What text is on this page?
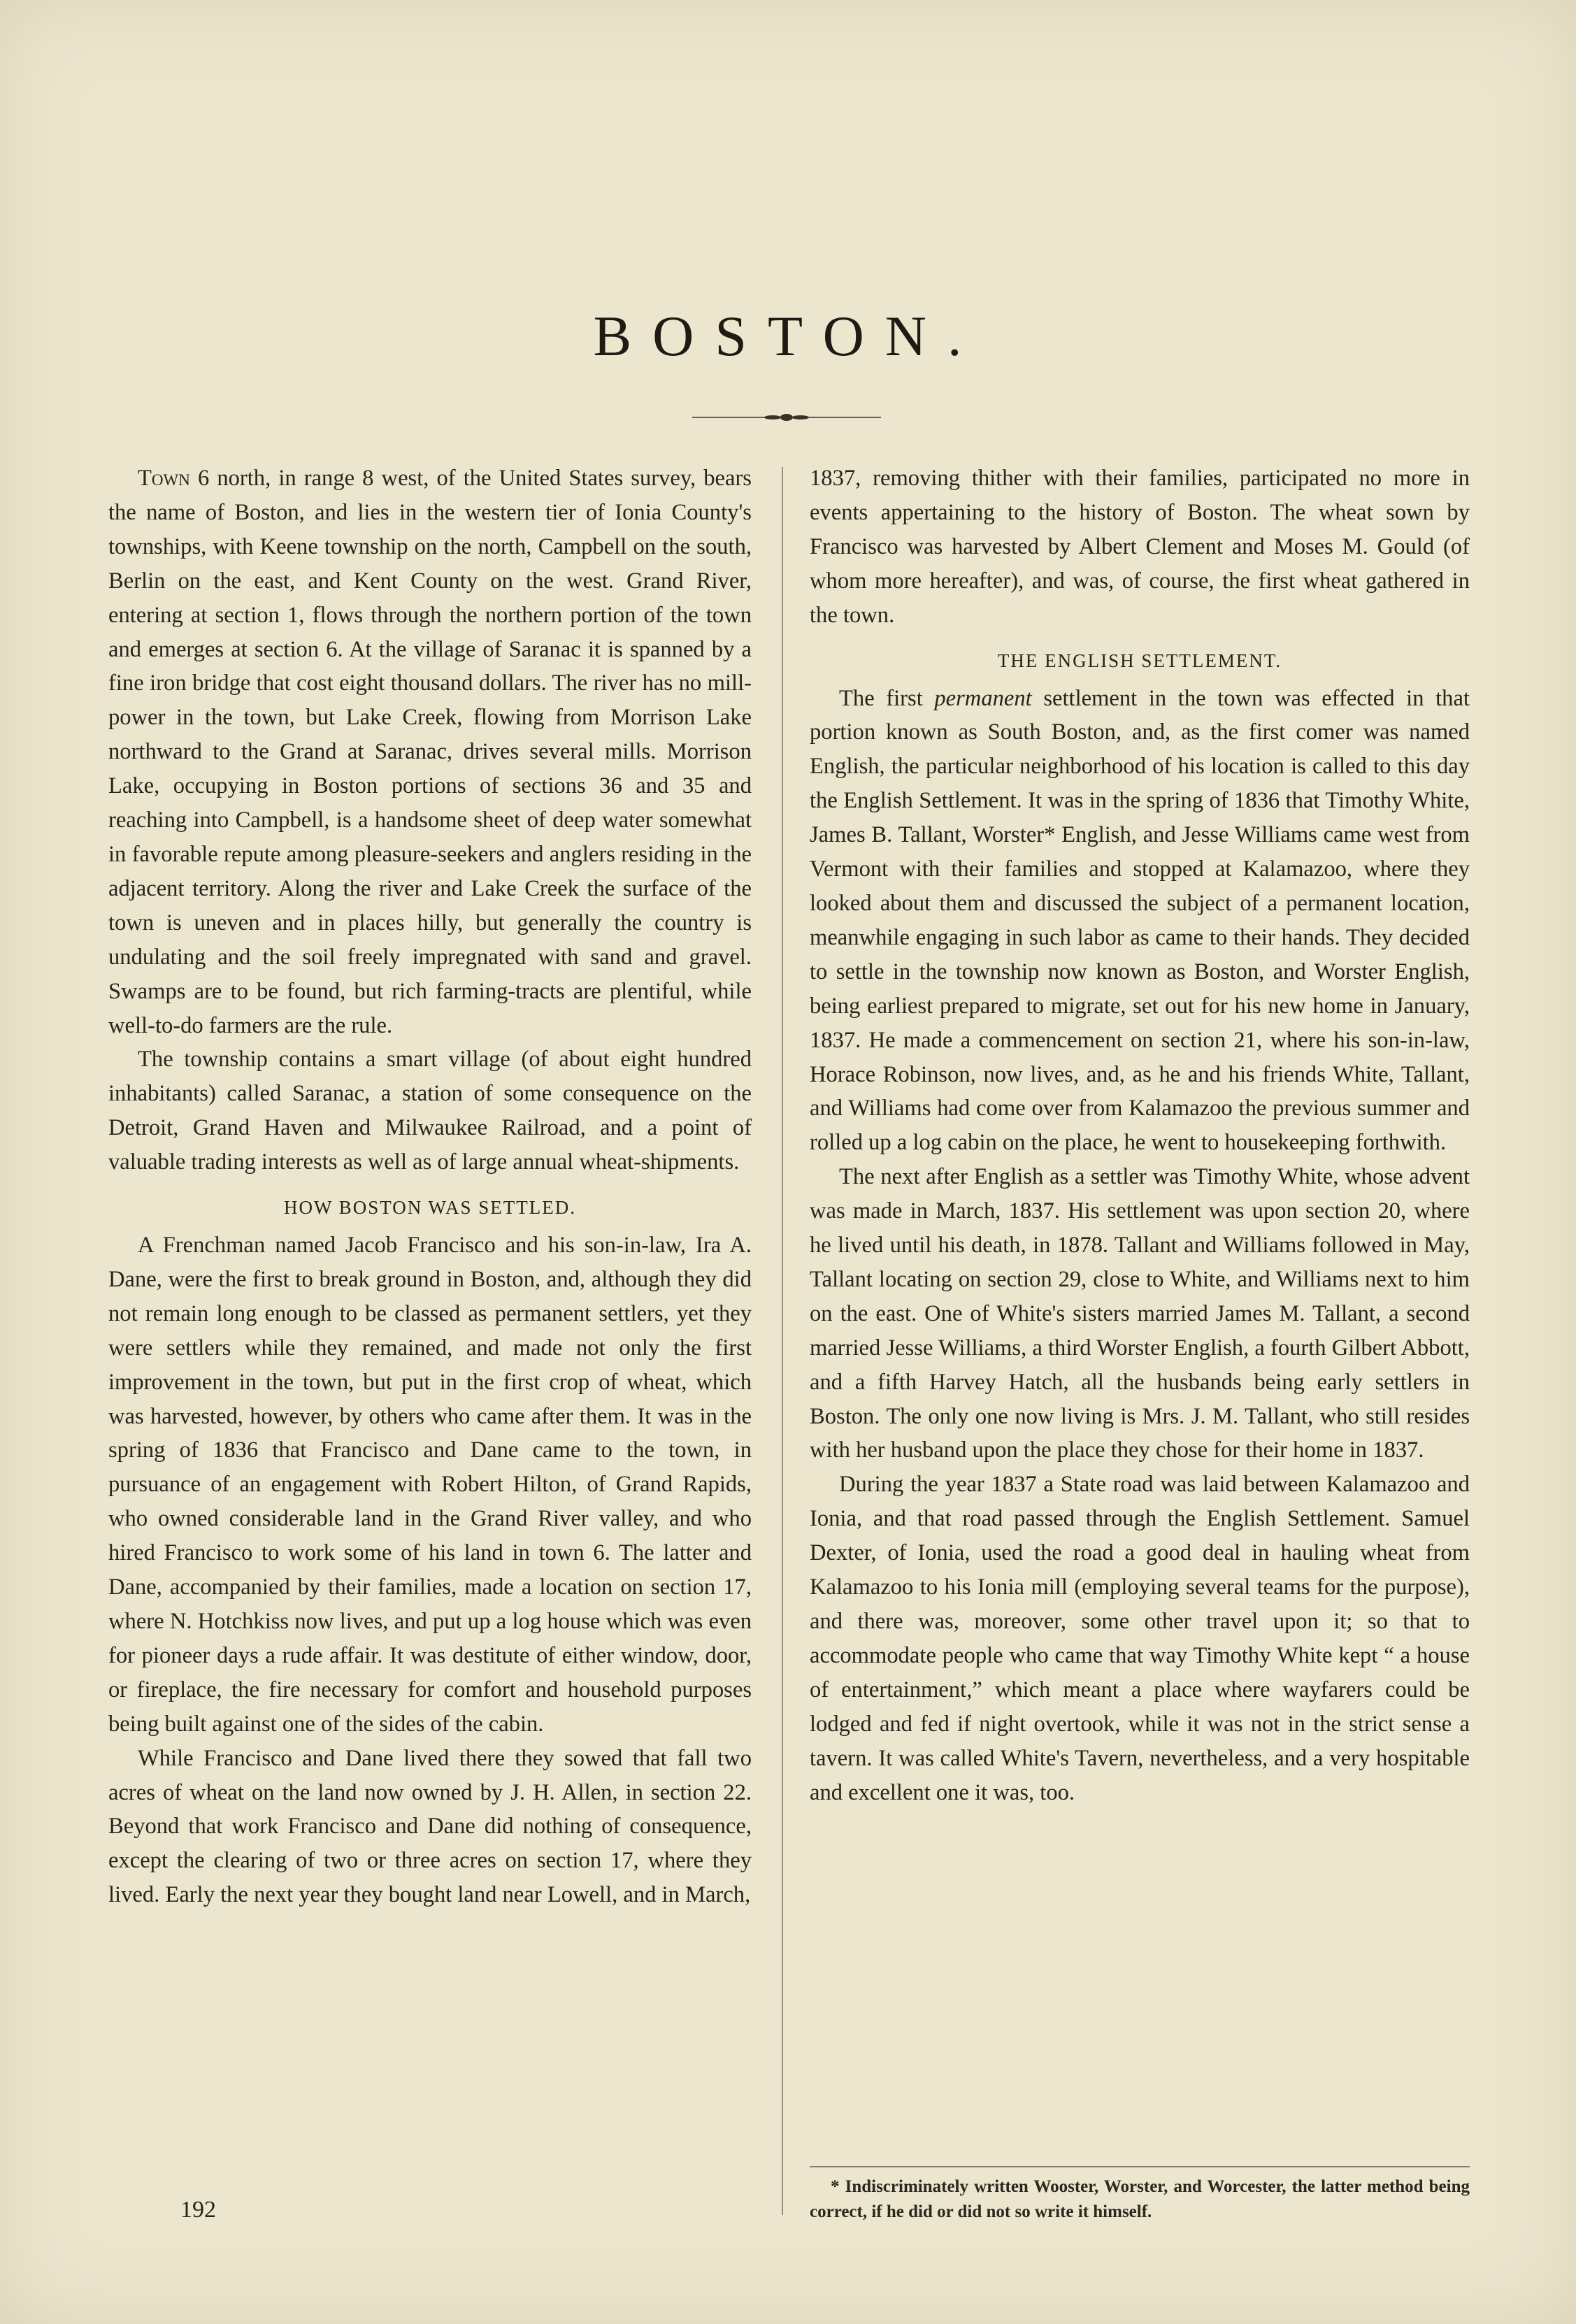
BOSTON.

Town 6 north, in range 8 west, of the United States survey, bears the name of Boston, and lies in the western tier of Ionia County's townships, with Keene township on the north, Campbell on the south, Berlin on the east, and Kent County on the west. Grand River, entering at section 1, flows through the northern portion of the town and emerges at section 6. At the village of Saranac it is spanned by a fine iron bridge that cost eight thousand dollars. The river has no mill-power in the town, but Lake Creek, flowing from Morrison Lake northward to the Grand at Saranac, drives several mills. Morrison Lake, occupying in Boston portions of sections 36 and 35 and reaching into Campbell, is a handsome sheet of deep water somewhat in favorable repute among pleasure-seekers and anglers residing in the adjacent territory. Along the river and Lake Creek the surface of the town is uneven and in places hilly, but generally the country is undulating and the soil freely impregnated with sand and gravel. Swamps are to be found, but rich farming-tracts are plentiful, while well-to-do farmers are the rule.

The township contains a smart village (of about eight hundred inhabitants) called Saranac, a station of some consequence on the Detroit, Grand Haven and Milwaukee Railroad, and a point of valuable trading interests as well as of large annual wheat-shipments.

HOW BOSTON WAS SETTLED.

A Frenchman named Jacob Francisco and his son-in-law, Ira A. Dane, were the first to break ground in Boston, and, although they did not remain long enough to be classed as permanent settlers, yet they were settlers while they remained, and made not only the first improvement in the town, but put in the first crop of wheat, which was harvested, however, by others who came after them. It was in the spring of 1836 that Francisco and Dane came to the town, in pursuance of an engagement with Robert Hilton, of Grand Rapids, who owned considerable land in the Grand River valley, and who hired Francisco to work some of his land in town 6. The latter and Dane, accompanied by their families, made a location on section 17, where N. Hotchkiss now lives, and put up a log house which was even for pioneer days a rude affair. It was destitute of either window, door, or fireplace, the fire necessary for comfort and household purposes being built against one of the sides of the cabin.

While Francisco and Dane lived there they sowed that fall two acres of wheat on the land now owned by J. H. Allen, in section 22. Beyond that work Francisco and Dane did nothing of consequence, except the clearing of two or three acres on section 17, where they lived. Early the next year they bought land near Lowell, and in March,

1837, removing thither with their families, participated no more in events appertaining to the history of Boston. The wheat sown by Francisco was harvested by Albert Clement and Moses M. Gould (of whom more hereafter), and was, of course, the first wheat gathered in the town.

THE ENGLISH SETTLEMENT.

The first permanent settlement in the town was effected in that portion known as South Boston, and, as the first comer was named English, the particular neighborhood of his location is called to this day the English Settlement. It was in the spring of 1836 that Timothy White, James B. Tallant, Worster* English, and Jesse Williams came west from Vermont with their families and stopped at Kalamazoo, where they looked about them and discussed the subject of a permanent location, meanwhile engaging in such labor as came to their hands. They decided to settle in the township now known as Boston, and Worster English, being earliest prepared to migrate, set out for his new home in January, 1837. He made a commencement on section 21, where his son-in-law, Horace Robinson, now lives, and, as he and his friends White, Tallant, and Williams had come over from Kalamazoo the previous summer and rolled up a log cabin on the place, he went to housekeeping forthwith.

The next after English as a settler was Timothy White, whose advent was made in March, 1837. His settlement was upon section 20, where he lived until his death, in 1878. Tallant and Williams followed in May, Tallant locating on section 29, close to White, and Williams next to him on the east. One of White's sisters married James M. Tallant, a second married Jesse Williams, a third Worster English, a fourth Gilbert Abbott, and a fifth Harvey Hatch, all the husbands being early settlers in Boston. The only one now living is Mrs. J. M. Tallant, who still resides with her husband upon the place they chose for their home in 1837.

During the year 1837 a State road was laid between Kalamazoo and Ionia, and that road passed through the English Settlement. Samuel Dexter, of Ionia, used the road a good deal in hauling wheat from Kalamazoo to his Ionia mill (employing several teams for the purpose), and there was, moreover, some other travel upon it; so that to accommodate people who came that way Timothy White kept “ a house of entertainment,” which meant a place where wayfarers could be lodged and fed if night overtook, while it was not in the strict sense a tavern. It was called White's Tavern, nevertheless, and a very hospitable and excellent one it was, too.

192
* Indiscriminately written Wooster, Worster, and Worcester, the latter method being correct, if he did or did not so write it himself.
